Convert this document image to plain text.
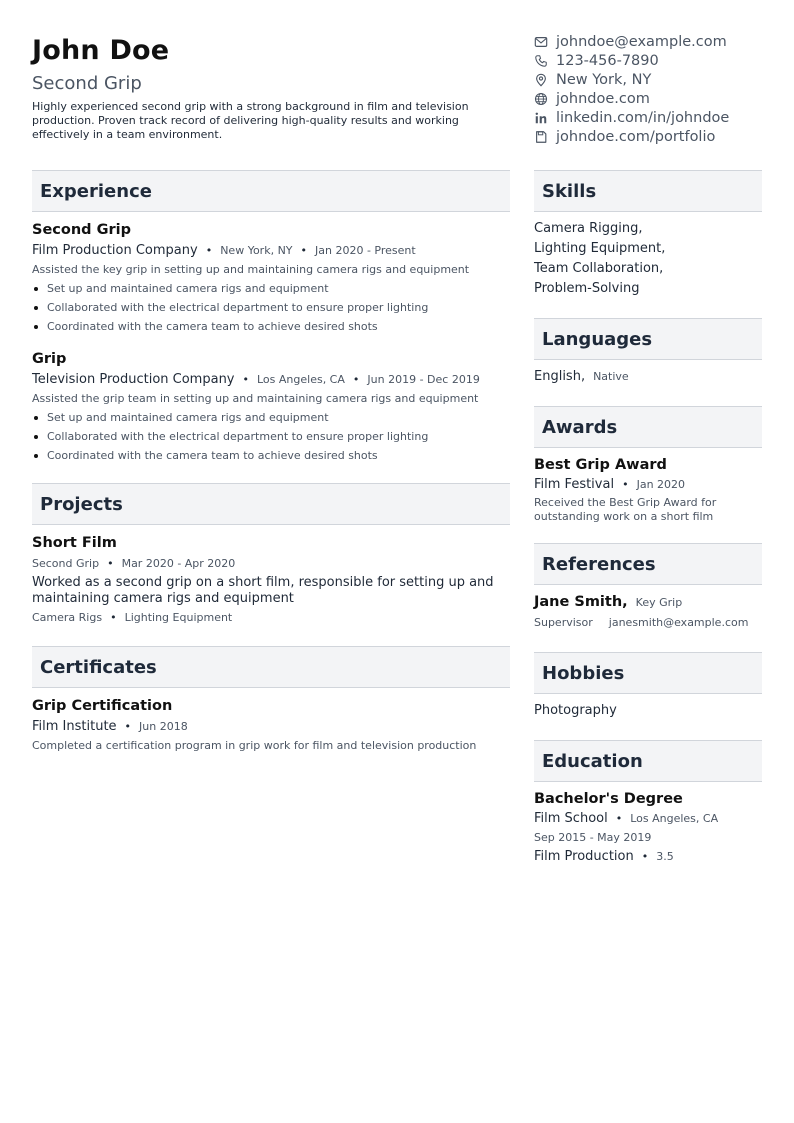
John Doe
Second Grip
Highly experienced second grip with a strong background in film and television production. Proven track record of delivering high-quality results and working effectively in a team environment.
johndoe@example.com
123-456-7890
New York, NY
johndoe.com
linkedin.com/in/johndoe
johndoe.com/portfolio
Experience
Second Grip
Film Production Company • New York, NY • Jan 2020 - Present
Assisted the key grip in setting up and maintaining camera rigs and equipment
Set up and maintained camera rigs and equipment
Collaborated with the electrical department to ensure proper lighting
Coordinated with the camera team to achieve desired shots
Grip
Television Production Company • Los Angeles, CA • Jun 2019 - Dec 2019
Assisted the grip team in setting up and maintaining camera rigs and equipment
Set up and maintained camera rigs and equipment
Collaborated with the electrical department to ensure proper lighting
Coordinated with the camera team to achieve desired shots
Projects
Short Film
Second Grip • Mar 2020 - Apr 2020
Worked as a second grip on a short film, responsible for setting up and maintaining camera rigs and equipment
Camera Rigs • Lighting Equipment
Certificates
Grip Certification
Film Institute • Jun 2018
Completed a certification program in grip work for film and television production
Skills
Camera Rigging,
Lighting Equipment,
Team Collaboration,
Problem-Solving
Languages
English, Native
Awards
Best Grip Award
Film Festival • Jan 2020
Received the Best Grip Award for outstanding work on a short film
References
Jane Smith, Key Grip
Supervisor janesmith@example.com
Hobbies
Photography
Education
Bachelor's Degree
Film School • Los Angeles, CA
Sep 2015 - May 2019
Film Production • 3.5
